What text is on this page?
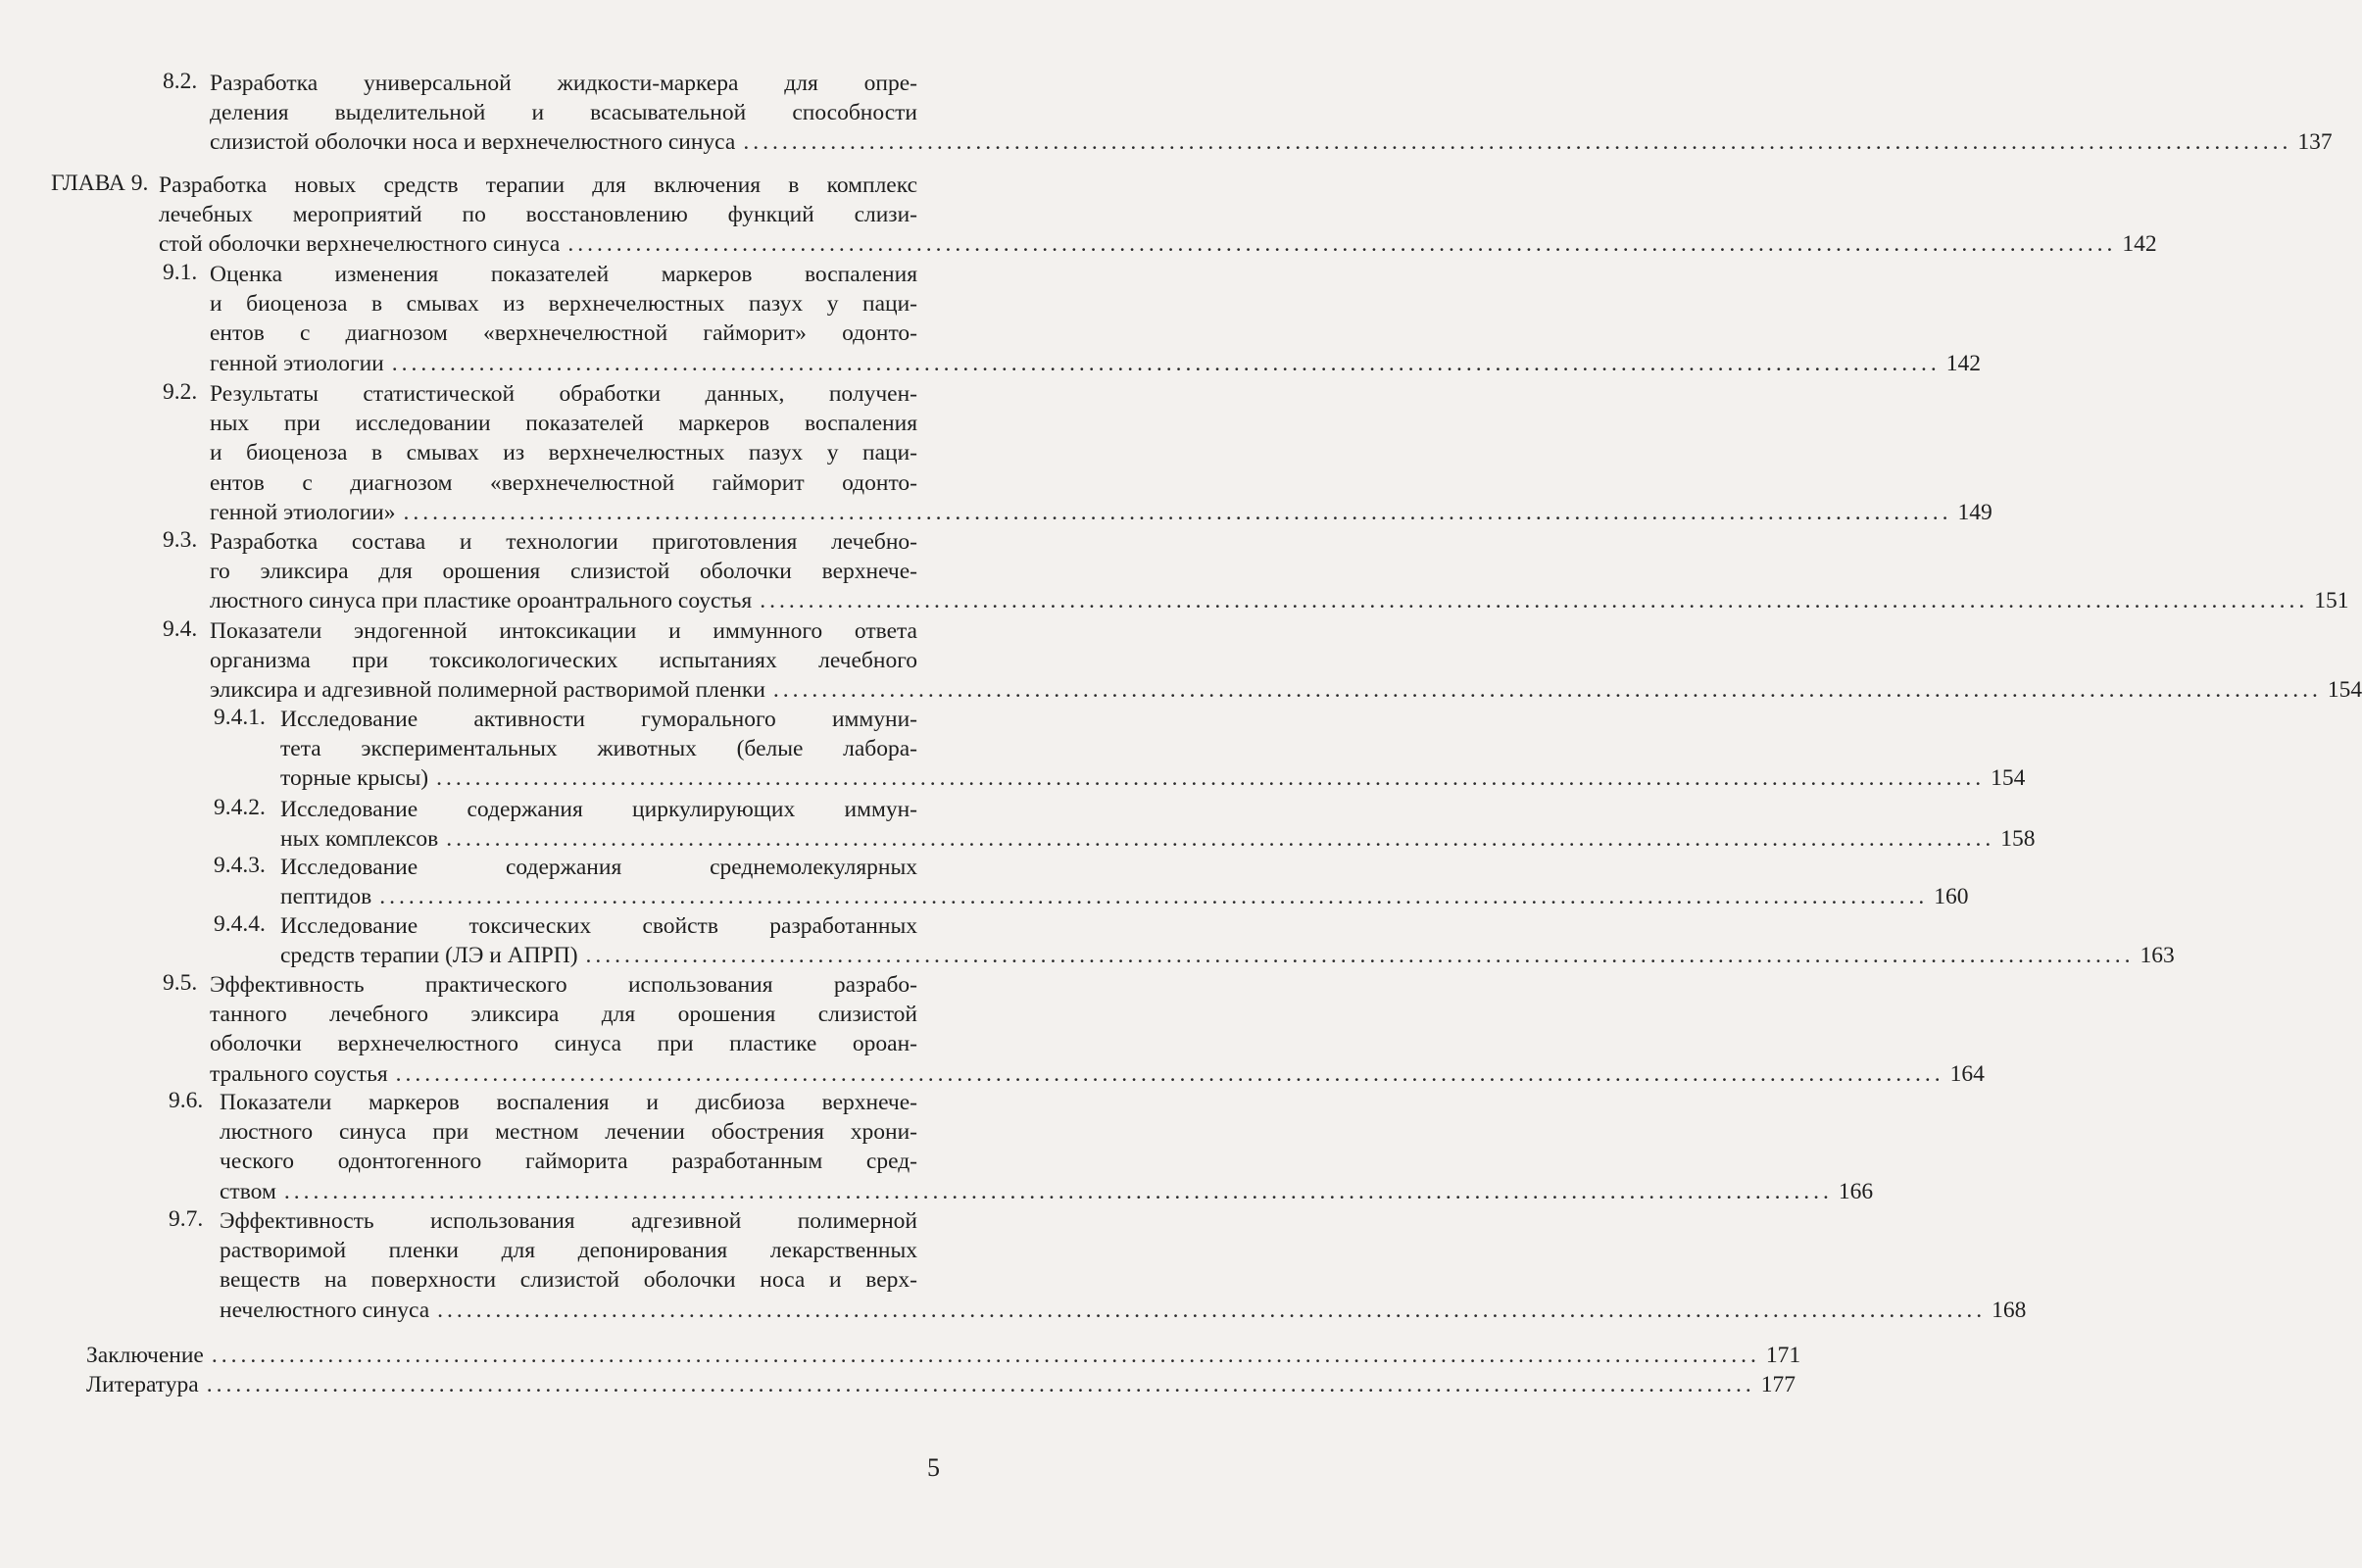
8.2. Разработка универсальной жидкости-маркера для опре-
деления выделительной и всасывательной способности
слизистой оболочки носа и верхнечелюстного синуса ................................................................................................................................................................ 137
ГЛАВА 9. Разработка новых средств терапии для включения в комплекс
лечебных мероприятий по восстановлению функций слизи-
стой оболочки верхнечелюстного синуса ................................................................................................................................................................ 142
9.1. Оценка изменения показателей маркеров воспаления
и биоценоза в смывах из верхнечелюстных пазух у паци-
ентов с диагнозом «верхнечелюстной гайморит» одонто-
генной этиологии ................................................................................................................................................................ 142
9.2. Результаты статистической обработки данных, получен-
ных при исследовании показателей маркеров воспаления
и биоценоза в смывах из верхнечелюстных пазух у паци-
ентов с диагнозом «верхнечелюстной гайморит одонто-
генной этиологии» ................................................................................................................................................................ 149
9.3. Разработка состава и технологии приготовления лечебно-
го эликсира для орошения слизистой оболочки верхнече-
люстного синуса при пластике ороантрального соустья ................................................................................................................................................................ 151
9.4. Показатели эндогенной интоксикации и иммунного ответа
организма при токсикологических испытаниях лечебного
эликсира и адгезивной полимерной растворимой пленки ................................................................................................................................................................ 154
9.4.1. Исследование активности гуморального иммуни-
тета экспериментальных животных (белые лабора-
торные крысы) ................................................................................................................................................................ 154
9.4.2. Исследование содержания циркулирующих иммун-
ных комплексов ................................................................................................................................................................ 158
9.4.3. Исследование содержания среднемолекулярных
пептидов ................................................................................................................................................................ 160
9.4.4. Исследование токсических свойств разработанных
средств терапии (ЛЭ и АПРП) ................................................................................................................................................................ 163
9.5. Эффективность практического использования разрабо-
танного лечебного эликсира для орошения слизистой
оболочки верхнечелюстного синуса при пластике ороан-
трального соустья ................................................................................................................................................................ 164
9.6. Показатели маркеров воспаления и дисбиоза верхнече-
люстного синуса при местном лечении обострения хрони-
ческого одонтогенного гайморита разработанным сред-
ством ................................................................................................................................................................ 166
9.7. Эффективность использования адгезивной полимерной
растворимой пленки для депонирования лекарственных
веществ на поверхности слизистой оболочки носа и верх-
нечелюстного синуса ................................................................................................................................................................ 168
Заключение ................................................................................................................................................................ 171
Литература ................................................................................................................................................................ 177
5
